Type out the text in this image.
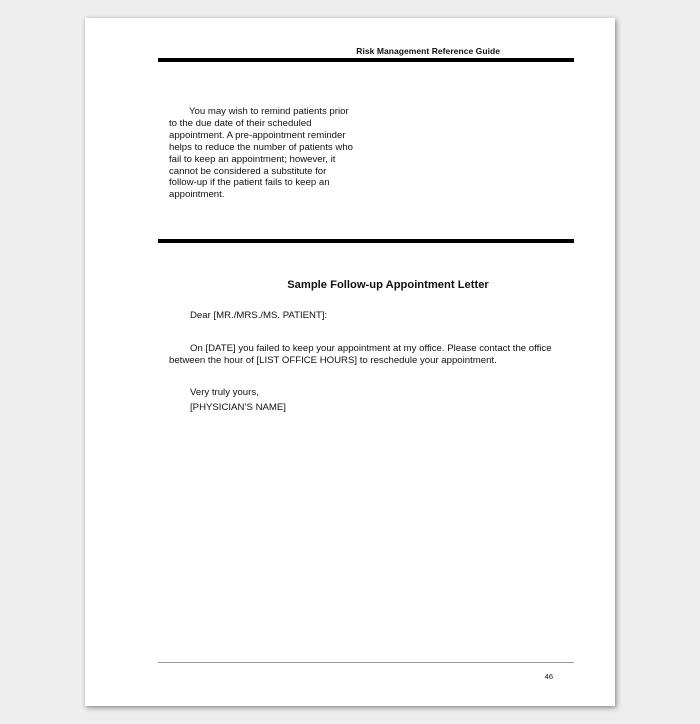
Risk Management Reference Guide

You may wish to remind patients prior to the due date of their scheduled appointment. A pre-appointment reminder helps to reduce the number of patients who fail to keep an appointment; however, it cannot be considered a substitute for follow-up if the patient fails to keep an appointment.

Sample Follow-up Appointment Letter

Dear [MR./MRS./MS. PATIENT]:

On [DATE] you failed to keep your appointment at my office. Please contact the office between the hour of [LIST OFFICE HOURS] to reschedule your appointment.

Very truly yours,

[PHYSICIAN’S NAME]

46
